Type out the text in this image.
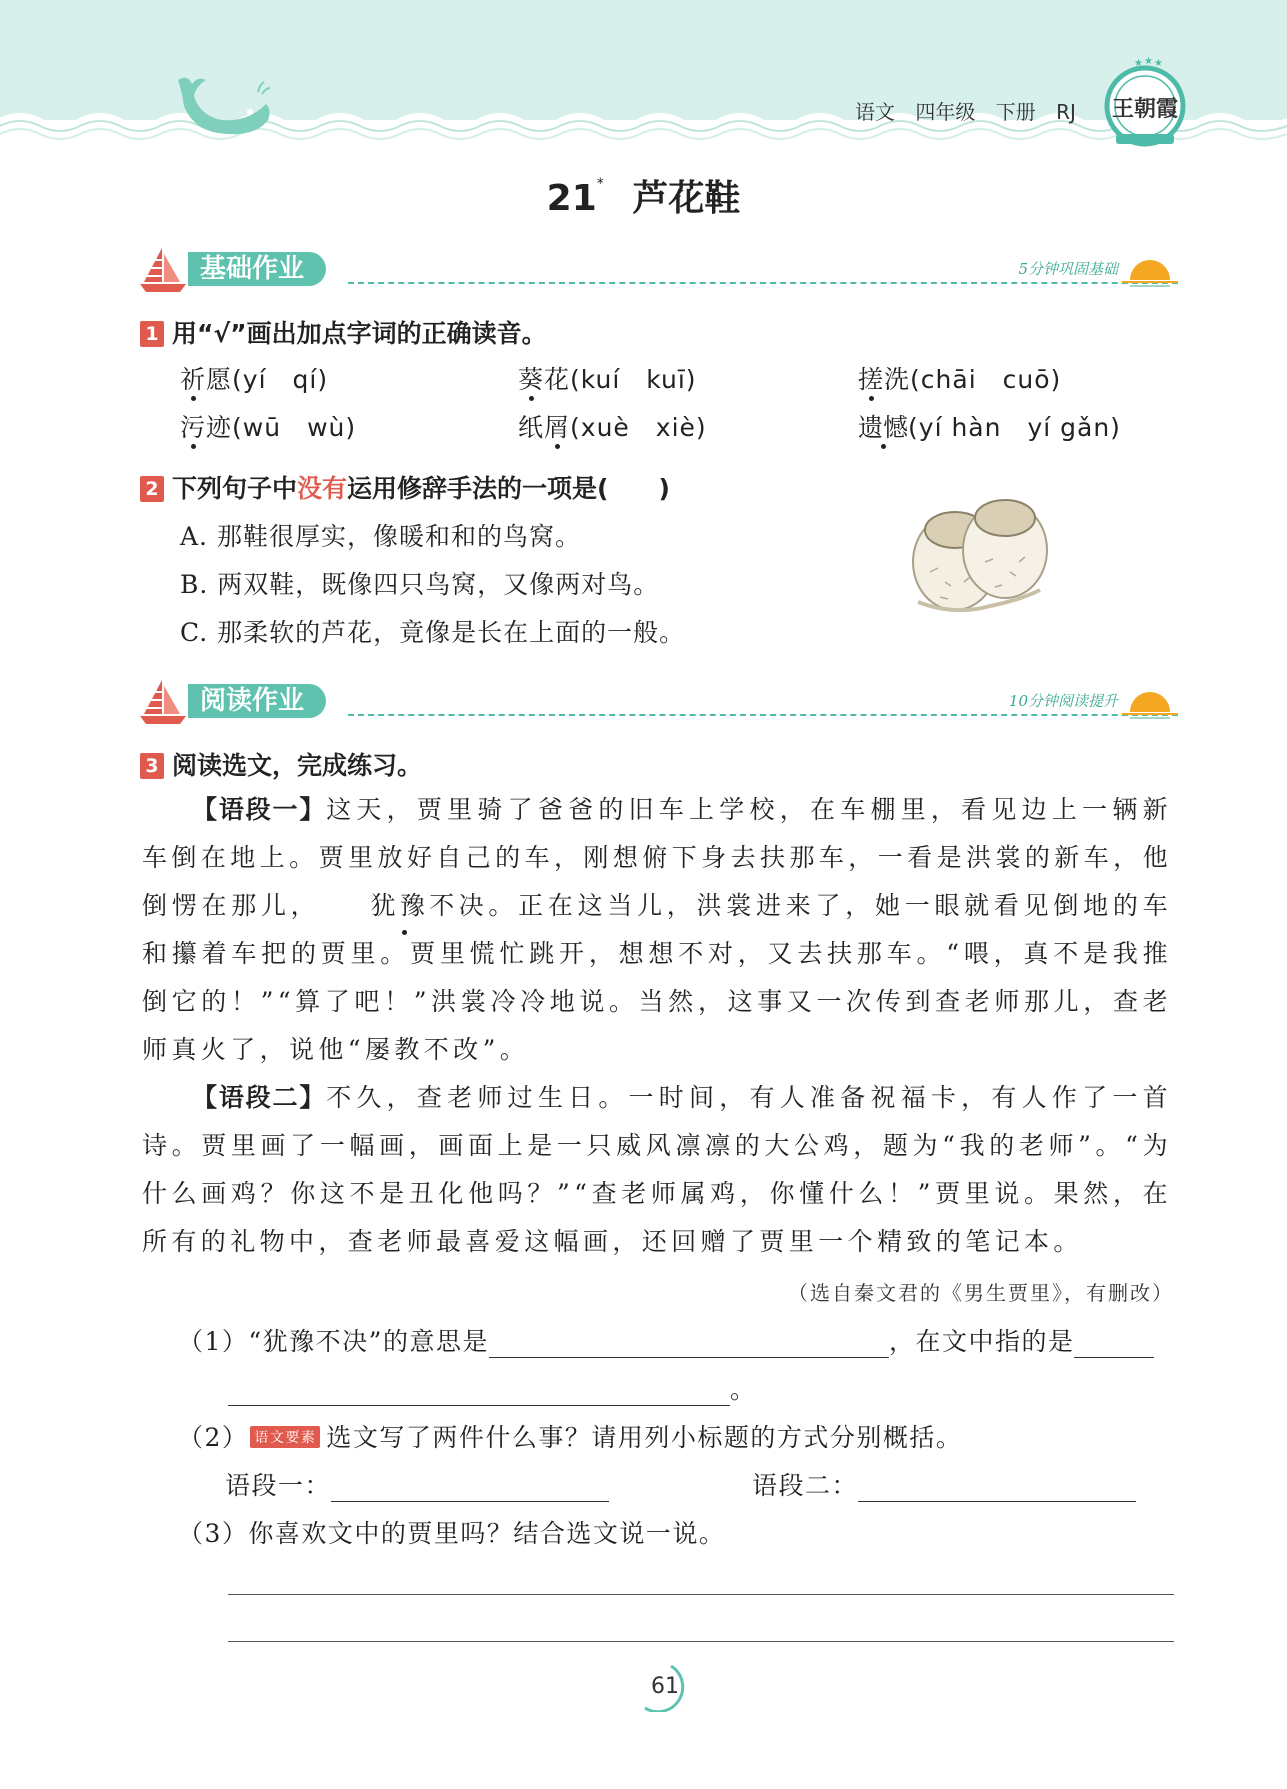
语文 四年级 下册 RJ
★ ★ ★
王朝霞
21* 芦花鞋
基础作业	5分钟巩固基础
1 用“√”画出加点字词的正确读音。
祈愿(yí　qí)	葵花(kuí　kuī)	搓洗(chāi　cuō)
污迹(wū　wù)	纸屑(xuè　xiè)	遗憾(yí hàn　yí gǎn)
2 下列句子中没有运用修辞手法的一项是(　　)
A. 那鞋很厚实，像暖和和的鸟窝。
B. 两双鞋，既像四只鸟窝，又像两对鸟。
C. 那柔软的芦花，竟像是长在上面的一般。
阅读作业	10分钟阅读提升
3 阅读选文，完成练习。
【语段一】这天，贾里骑了爸爸的旧车上学校，在车棚里，看见边上一辆新车倒在地上。贾里放好自己的车，刚想俯下身去扶那车，一看是洪裳的新车，他倒愣在那儿， 犹豫不决。正在这当儿，洪裳进来了，她一眼就看见倒地的车和攥着车把的贾里。贾里慌忙跳开，想想不对，又去扶那车。“喂，真不是我推倒它的！”“算了吧！”洪裳冷冷地说。当然，这事又一次传到查老师那儿，查老师真火了，说他“屡教不改”。
【语段二】不久，查老师过生日。一时间，有人准备祝福卡，有人作了一首诗。贾里画了一幅画，画面上是一只威风凛凛的大公鸡，题为“我的老师”。“为什么画鸡？你这不是丑化他吗？”“查老师属鸡，你懂什么！”贾里说。果然，在所有的礼物中，查老师最喜爱这幅画，还回赠了贾里一个精致的笔记本。
（选自秦文君的《男生贾里》，有删改）
（1）“犹豫不决”的意思是	，在文中指的是
。
（2） 语文要素 选文写了两件什么事？请用列小标题的方式分别概括。
语段一：	语段二：
（3）你喜欢文中的贾里吗？结合选文说一说。
61
